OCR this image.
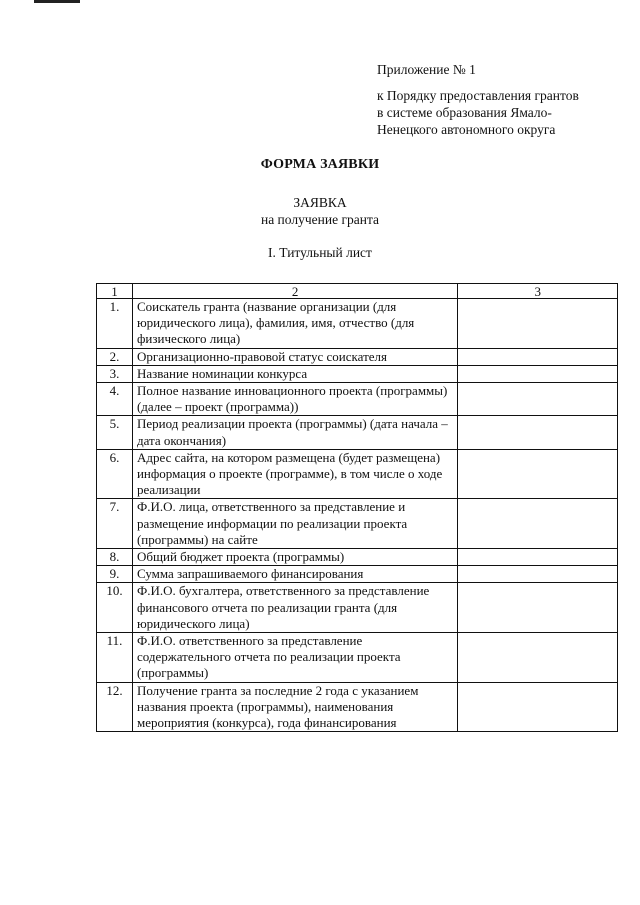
Приложение № 1
к Порядку предоставления грантов
в системе образования Ямало-
Ненецкого автономного округа
ФОРМА ЗАЯВКИ
ЗАЯВКА
на получение гранта
I. Титульный лист
1	2	3
1.	Соискатель гранта (название организации (для юридического лица), фамилия, имя, отчество (для физического лица)	
2.	Организационно-правовой статус соискателя	
3.	Название номинации конкурса	
4.	Полное название инновационного проекта (программы) (далее – проект (программа))	
5.	Период реализации проекта (программы) (дата начала – дата окончания)	
6.	Адрес сайта, на котором размещена (будет размещена) информация о проекте (программе), в том числе о ходе реализации	
7.	Ф.И.О. лица, ответственного за представление и размещение информации по реализации проекта (программы) на сайте	
8.	Общий бюджет проекта (программы)	
9.	Сумма запрашиваемого финансирования	
10.	Ф.И.О. бухгалтера, ответственного за представление финансового отчета по реализации гранта (для юридического лица)	
11.	Ф.И.О. ответственного за представление содержательного отчета по реализации проекта (программы)	
12.	Получение гранта за последние 2 года с указанием названия проекта (программы), наименования мероприятия (конкурса), года финансирования	
